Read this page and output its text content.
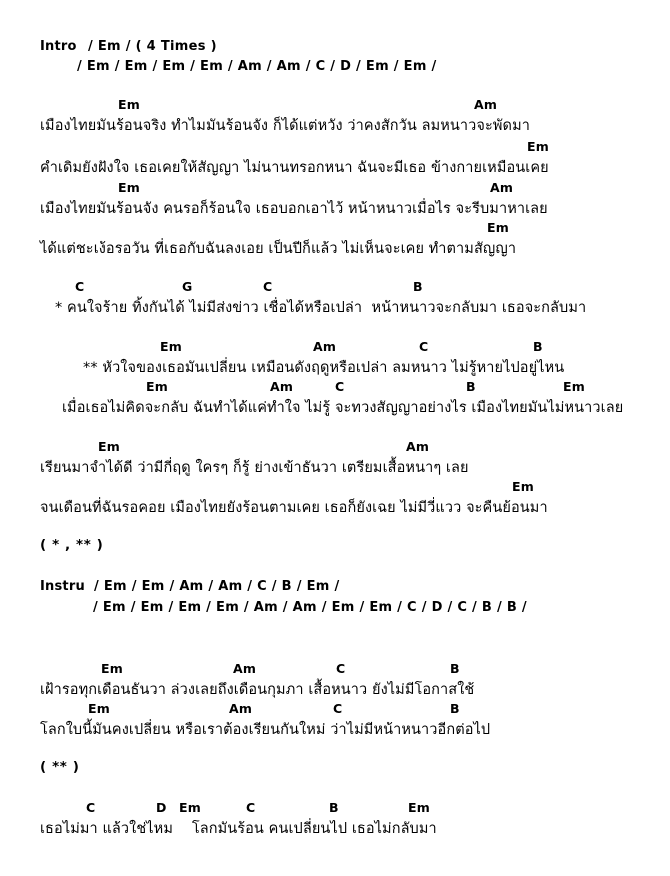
Intro / Em / ( 4 Times )
/ Em / Em / Em / Em / Am / Am / C / D / Em / Em /
Em	Am
เมืองไทยมันร้อนจริง ทำไมมันร้อนจัง ก็ได้แต่หวัง ว่าคงสักวัน ลมหนาวจะพัดมา
Em
คำเดิมยังฝังใจ เธอเคยให้สัญญา ไม่นานทรอกหนา ฉันจะมีเธอ ข้างกายเหมือนเคย
Em	Am
เมืองไทยมันร้อนจัง คนรอก็ร้อนใจ เธอบอกเอาไว้ หน้าหนาวเมื่อไร จะรีบมาหาเลย
Em
ได้แต่ชะเง้อรอวัน ที่เธอกับฉันลงเอย เป็นปีก็แล้ว ไม่เห็นจะเคย ทำตามสัญญา
C	G	C	B
* คนใจร้าย ทิ้งกันได้ ไม่มีส่งข่าว เชื่อได้หรือเปล่า  หน้าหนาวจะกลับมา เธอจะกลับมา
Em	Am	C	B
** หัวใจของเธอมันเปลี่ยน เหมือนดังฤดูหรือเปล่า ลมหนาว ไม่รู้หายไปอยู่ไหน
Em	Am	C	B	Em
เมื่อเธอไม่คิดจะกลับ ฉันทำได้แค่ทำใจ ไม่รู้ จะทวงสัญญาอย่างไร เมืองไทยมันไม่หนาวเลย
Em	Am
เรียนมาจำได้ดี ว่ามีกี่ฤดู ใครๆ ก็รู้ ย่างเข้าธันวา เตรียมเสื้อหนาๆ เลย
Em
จนเดือนที่ฉันรอคอย เมืองไทยยังร้อนตามเคย เธอก็ยังเฉย ไม่มีวี่แวว จะคืนย้อนมา
( * , ** )
Instru / Em / Em / Am / Am / C / B / Em /
/ Em / Em / Em / Em / Am / Am / Em / Em / C / D / C / B / B /
Em	Am	C	B
เฝ้ารอทุกเดือนธันวา ล่วงเลยถึงเดือนกุมภา เสื้อหนาว ยังไม่มีโอกาสใช้
Em	Am	C	B
โลกใบนี้มันคงเปลี่ยน หรือเราต้องเรียนกันใหม่ ว่าไม่มีหน้าหนาวอีกต่อไป
( ** )
C	D Em	C	B	Em
เธอไม่มา แล้วใช่ไหม    โลกมันร้อน คนเปลี่ยนไป เธอไม่กลับมา
